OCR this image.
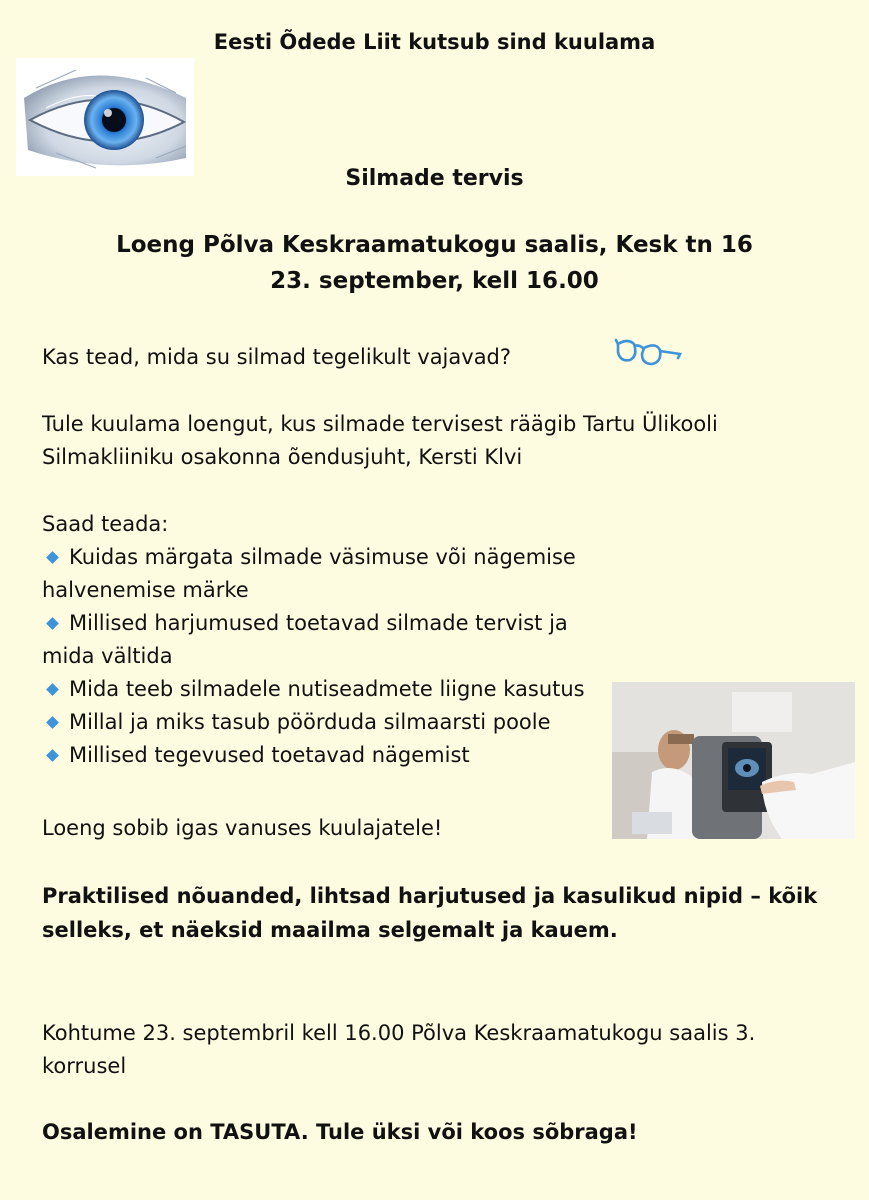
Eesti Õdede Liit kutsub sind kuulama
Silmade tervis
Loeng Põlva Keskraamatukogu saalis, Kesk tn 16
23. september, kell 16.00
Kas tead, mida su silmad tegelikult vajavad?
Tule kuulama loengut, kus silmade tervisest räägib Tartu Ülikooli Silmakliiniku osakonna õendusjuht, Kersti Klvi
Saad teada:
Kuidas märgata silmade väsimuse või nägemise halvenemise märke
Millised harjumused toetavad silmade tervist ja mida vältida
Mida teeb silmadele nutiseadmete liigne kasutus
Millal ja miks tasub pöörduda silmaarsti poole
Millised tegevused toetavad nägemist
Loeng sobib igas vanuses kuulajatele!
Praktilised nõuanded, lihtsad harjutused ja kasulikud nipid – kõik selleks, et näeksid maailma selgemalt ja kauem.
Kohtume 23. septembril kell 16.00 Põlva Keskraamatukogu saalis 3. korrusel
Osalemine on TASUTA. Tule üksi või koos sõbraga!
